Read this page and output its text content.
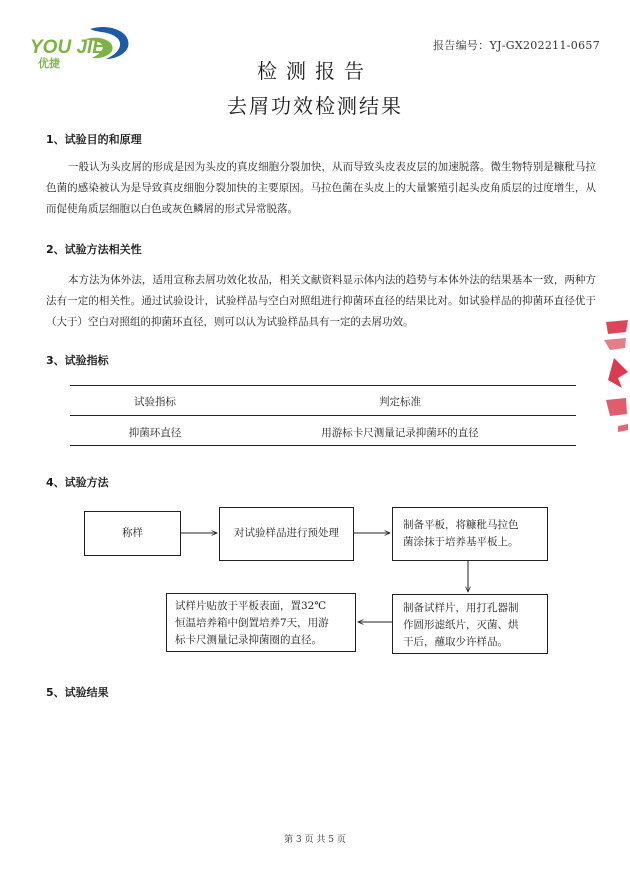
YOU JIE
优捷
报告编号：YJ-GX202211-0657
检测报告
去屑功效检测结果
1、试验目的和原理
一般认为头皮屑的形成是因为头皮的真皮细胞分裂加快，从而导致头皮表皮层的加速脱落。微生物特别是糠秕马拉色菌的感染被认为是导致真皮细胞分裂加快的主要原因。马拉色菌在头皮上的大量繁殖引起头皮角质层的过度增生，从而促使角质层细胞以白色或灰色鳞屑的形式异常脱落。
2、试验方法相关性
本方法为体外法，适用宣称去屑功效化妆品，相关文献资料显示体内法的趋势与本体外法的结果基本一致，两种方法有一定的相关性。通过试验设计，试验样品与空白对照组进行抑菌环直径的结果比对。如试验样品的抑菌环直径优于（大于）空白对照组的抑菌环直径，则可以认为试验样品具有一定的去屑功效。
3、试验指标
试验指标	判定标准
抑菌环直径	用游标卡尺测量记录抑菌环的直径
4、试验方法
称样	对试验样品进行预处理
制备平板，将糠秕马拉色
菌涂抹于培养基平板上。
制备试样片，用打孔器制
作圆形滤纸片，灭菌、烘
干后，蘸取少许样品。
试样片贴放于平板表面，置32℃
恒温培养箱中倒置培养7天，用游
标卡尺测量记录抑菌圈的直径。
5、试验结果
第 3 页 共 5 页
